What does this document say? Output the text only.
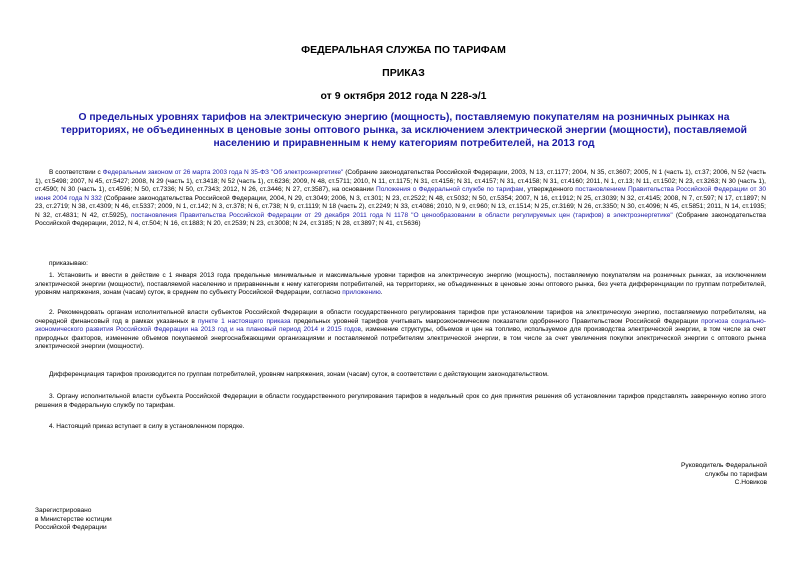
ФЕДЕРАЛЬНАЯ СЛУЖБА ПО ТАРИФАМ
ПРИКАЗ
от 9 октября 2012 года N 228-э/1
О предельных уровнях тарифов на электрическую энергию (мощность), поставляемую покупателям на розничных рынках на территориях, не объединенных в ценовые зоны оптового рынка, за исключением электрической энергии (мощности), поставляемой населению и приравненным к нему категориям потребителей, на 2013 год
В соответствии с Федеральным законом от 26 марта 2003 года N 35-ФЗ "Об электроэнергетике" (Собрание законодательства Российской Федерации, 2003, N 13, ст.1177; 2004, N 35, ст.3607; 2005, N 1 (часть 1), ст.37; 2006, N 52 (часть 1), ст.5498; 2007, N 45, ст.5427; 2008, N 29 (часть 1), ст.3418; N 52 (часть 1), ст.6236; 2009, N 48, ст.5711; 2010, N 11, ст.1175; N 31, ст.4156; N 31, ст.4157; N 31, ст.4158; N 31, ст.4160; 2011, N 1, ст.13; N 11, ст.1502; N 23, ст.3263; N 30 (часть 1), ст.4590; N 30 (часть 1), ст.4596; N 50, ст.7336; N 50, ст.7343; 2012, N 26, ст.3446; N 27, ст.3587), на основании Положения о Федеральной службе по тарифам, утвержденного постановлением Правительства Российской Федерации от 30 июня 2004 года N 332 (Собрание законодательства Российской Федерации, 2004, N 29, ст.3049; 2006, N 3, ст.301; N 23, ст.2522; N 48, ст.5032; N 50, ст.5354; 2007, N 16, ст.1912; N 25, ст.3039; N 32, ст.4145; 2008, N 7, ст.597; N 17, ст.1897; N 23, ст.2719; N 38, ст.4309; N 46, ст.5337; 2009, N 1, ст.142; N 3, ст.378; N 6, ст.738; N 9, ст.1119; N 18 (часть 2), ст.2249; N 33, ст.4086; 2010, N 9, ст.960; N 13, ст.1514; N 25, ст.3169; N 26, ст.3350; N 30, ст.4096; N 45, ст.5851; 2011, N 14, ст.1935; N 32, ст.4831; N 42, ст.5925), постановления Правительства Российской Федерации от 29 декабря 2011 года N 1178 "О ценообразовании в области регулируемых цен (тарифов) в электроэнергетике" (Собрание законодательства Российской Федерации, 2012, N 4, ст.504; N 16, ст.1883; N 20, ст.2539; N 23, ст.3008; N 24, ст.3185; N 28, ст.3897; N 41, ст.5636)
приказываю:
1. Установить и ввести в действие с 1 января 2013 года предельные минимальные и максимальные уровни тарифов на электрическую энергию (мощность), поставляемую покупателям на розничных рынках, за исключением электрической энергии (мощности), поставляемой населению и приравненным к нему категориям потребителей, на территориях, не объединенных в ценовые зоны оптового рынка, без учета дифференциации по группам потребителей, уровням напряжения, зонам (часам) суток, в среднем по субъекту Российской Федерации, согласно приложению.
2. Рекомендовать органам исполнительной власти субъектов Российской Федерации в области государственного регулирования тарифов при установлении тарифов на электрическую энергию, поставляемую потребителям, на очередной финансовый год в рамках указанных в пункте 1 настоящего приказа предельных уровней тарифов учитывать макроэкономические показатели одобренного Правительством Российской Федерации прогноза социально-экономического развития Российской Федерации на 2013 год и на плановый период 2014 и 2015 годов, изменение структуры, объемов и цен на топливо, используемое для производства электрической энергии, в том числе за счет природных факторов, изменение объемов покупаемой энергоснабжающими организациями и поставляемой потребителям электрической энергии, в том числе за счет увеличения покупки электрической энергии с оптового рынка электрической энергии (мощности).
Дифференциация тарифов производится по группам потребителей, уровням напряжения, зонам (часам) суток, в соответствии с действующим законодательством.
3. Органу исполнительной власти субъекта Российской Федерации в области государственного регулирования тарифов в недельный срок со дня принятия решения об установлении тарифов представлять заверенную копию этого решения в Федеральную службу по тарифам.
4. Настоящий приказ вступает в силу в установленном порядке.
Руководитель Федеральной
службы по тарифам
С.Новиков
Зарегистрировано
в Министерстве юстиции
Российской Федерации
